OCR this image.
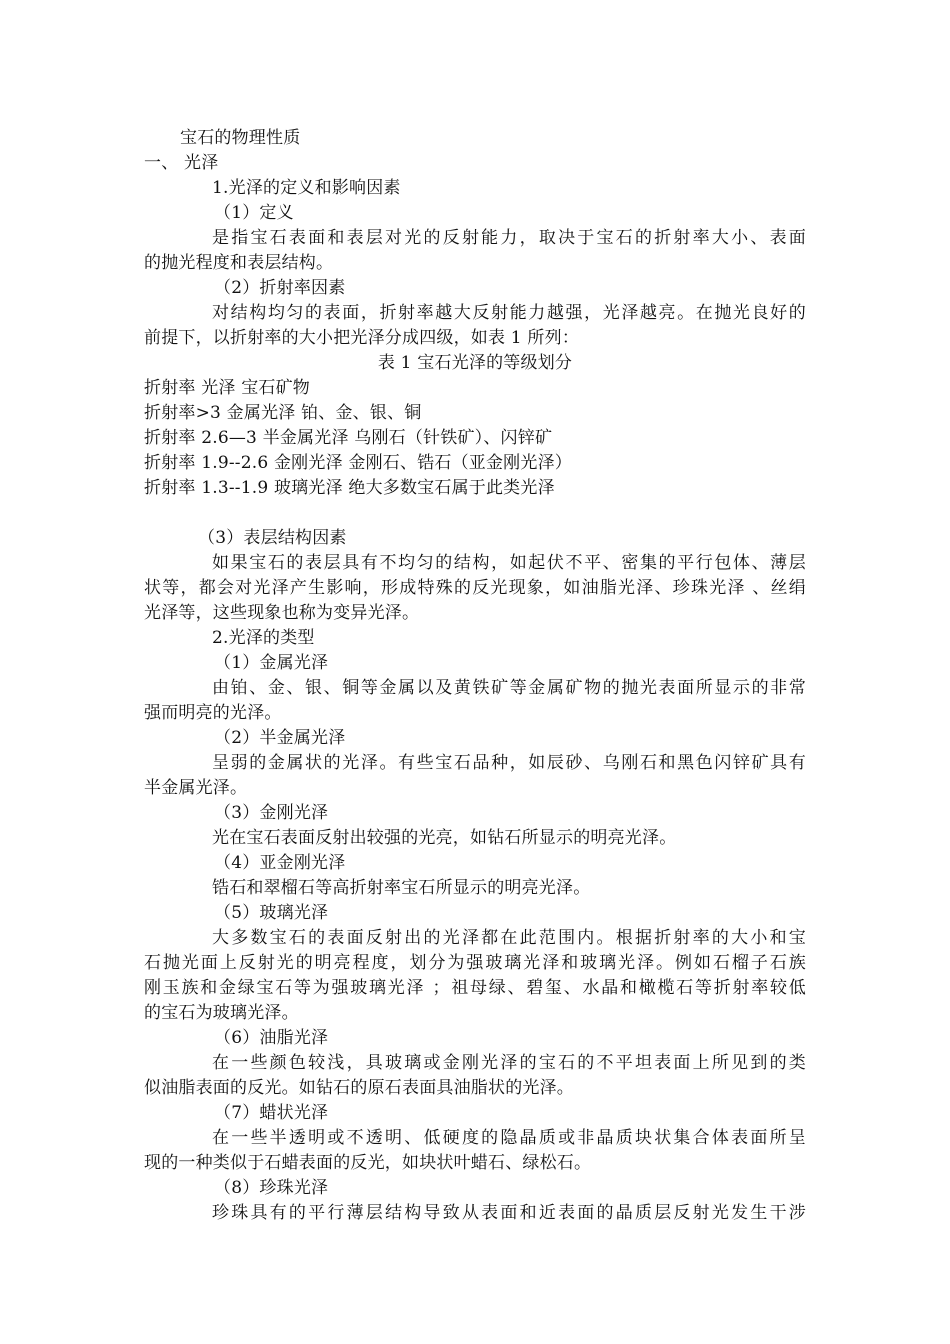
宝石的物理性质
一、 光泽
1.光泽的定义和影响因素
（1）定义
是指宝石表面和表层对光的反射能力，取决于宝石的折射率大小、表面
的抛光程度和表层结构。
（2）折射率因素
对结构均匀的表面，折射率越大反射能力越强，光泽越亮。在抛光良好的
前提下，以折射率的大小把光泽分成四级，如表 1 所列：
表 1 宝石光泽的等级划分
折射率 光泽 宝石矿物
折射率>3 金属光泽 铂、金、银、铜
折射率 2.6—3 半金属光泽 乌刚石（针铁矿）、闪锌矿
折射率 1.9--2.6 金刚光泽 金刚石、锆石（亚金刚光泽）
折射率 1.3--1.9 玻璃光泽 绝大多数宝石属于此类光泽
（3）表层结构因素
如果宝石的表层具有不均匀的结构，如起伏不平、密集的平行包体、薄层
状等，都会对光泽产生影响，形成特殊的反光现象，如油脂光泽、珍珠光泽 、丝绢
光泽等，这些现象也称为变异光泽。
2.光泽的类型
（1）金属光泽
由铂、金、银、铜等金属以及黄铁矿等金属矿物的抛光表面所显示的非常
强而明亮的光泽。
（2）半金属光泽
呈弱的金属状的光泽。有些宝石品种，如辰砂、乌刚石和黑色闪锌矿具有
半金属光泽。
（3）金刚光泽
光在宝石表面反射出较强的光亮，如钻石所显示的明亮光泽。
（4）亚金刚光泽
锆石和翠榴石等高折射率宝石所显示的明亮光泽。
（5）玻璃光泽
大多数宝石的表面反射出的光泽都在此范围内。根据折射率的大小和宝
石抛光面上反射光的明亮程度，划分为强玻璃光泽和玻璃光泽。例如石榴子石族
刚玉族和金绿宝石等为强玻璃光泽 ；祖母绿、碧玺、水晶和橄榄石等折射率较低
的宝石为玻璃光泽。
（6）油脂光泽
在一些颜色较浅，具玻璃或金刚光泽的宝石的不平坦表面上所见到的类
似油脂表面的反光。如钻石的原石表面具油脂状的光泽。
（7）蜡状光泽
在一些半透明或不透明、低硬度的隐晶质或非晶质块状集合体表面所呈
现的一种类似于石蜡表面的反光，如块状叶蜡石、绿松石。
（8）珍珠光泽
珍珠具有的平行薄层结构导致从表面和近表面的晶质层反射光发生干涉
